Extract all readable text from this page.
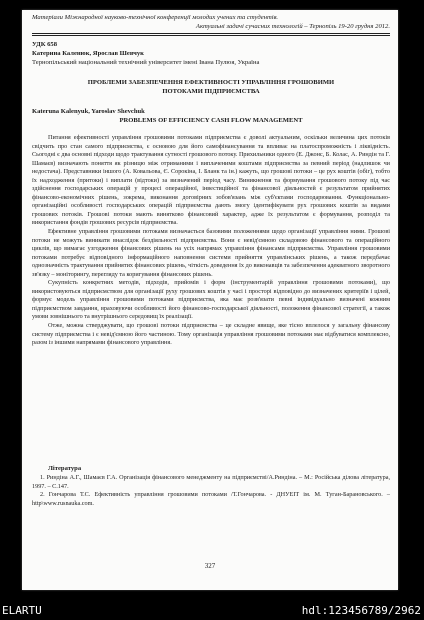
Матеріали Міжнародної науково-технічної конференції молодих учених та студентів.
Актуальні задачі сучасних технологій – Тернопіль 19-20 грудня 2012.
УДК 658
Катерина Каленюк, Ярослав Шевчук
Тернопільський національний технічний університет імені Івана Пулюя, Україна
ПРОБЛЕМИ ЗАБЕЗПЕЧЕННЯ ЕФЕКТИВНОСТІ УПРАВЛІННЯ ГРОШОВИМИ
ПОТОКАМИ ПІДПРИЄМСТВА
Kateruna Kalenyuk, Yaroslav Shevchuk
PROBLEMS OF EFFICIENCY CASH FLOW MANAGEMENT

Питання ефективності управління грошовими потоками підприємства є доволі актуальним, оскільки величина цих потоків свідчить про стан самого підприємства, є основою для його самофінансування та впливає на платоспроможність і ліквідність. Сьогодні є два основні підходи щодо трактування сутності грошового потоку. Прихильники одного (Е. Джонс, Б. Колас, А. Риндін та Г. Шамаєв) визначають поняття як різницю між отриманими і виплаченими коштами підприємства за певний період (надлишок чи недостача). Представники іншого (А. Ковальова, Є. Сорокіна, І. Бланк та ін.) кажуть, що грошові потоки – це рух коштів (обіг), тобто їх надходження (притоки) і виплати (відтоки) за визначений період часу. Виникнення та формування грошового потоку під час здійснення господарських операцій у процесі операційної, інвестиційної та фінансової діяльностей є результатом прийнятих фінансово-економічних рішень, зокрема, виконання договірних зобов'язань між суб'єктами господарювання. Функціонально-організаційні особливості господарських операцій підприємства дають змогу ідентифікувати рух грошових коштів за видами грошових потоків. Грошові потоки мають винятково фінансовий характер, адже їх результатом є формування, розподіл та використання фондів грошових ресурсів підприємства.

Ефективне управління грошовими потоками визначається базовими положеннями щодо організації управління ними. Грошові потоки не можуть виникати внаслідок бездіяльності підприємства. Вони є невід'ємною складовою фінансового та операційного циклів, що вимагає узгодження фінансових рішень на усіх напрямах управління фінансами підприємства. Управління грошовими потоками потребує відповідного інформаційного наповнення системи прийняття управлінських рішень, а також передбачає однозначність трактування прийнятих фінансових рішень, чіткість доведення їх до виконавців та забезпечення адекватного зворотного зв'язку – моніторингу, перегляду та коригування фінансових рішень.

Сукупність конкретних методів, підходів, прийомів і форм (інструментарій управління грошовими потоками), що використовуються підприємством для організації руху грошових коштів у часі і просторі відповідно до визначених критеріїв і цілей, формує модель управління грошовими потоками підприємства, яка має розв'язати певні індивідуально визначені кожним підприємством завдання, враховуючи особливості його фінансово-господарської діяльності, положення фінансової стратегії, а також умови зовнішнього та внутрішнього середовищ їх реалізації.

Отже, можна стверджувати, що грошові потоки підприємства – це складне явище, яке тісно вплелося у загальну фінансову систему підприємства і є невід'ємною його частиною. Тому організація управління грошовими потоками має відбуватися комплексно, разом із іншими напрямами фінансового управління.

Література

1. Риндіна А.Г., Шамаєв Г.А. Організація фінансового менеджменту на підприємстві/А.Риндіна. – М.: Російська ділова література, 1997. – С.147.

2. Гончарова Т.С. Ефективність управління грошовими потоками /Т.Гончарова. - ДНУЕІТ ім. М. Туган-Барановського. – http\www.rusnauka.com.

327
ELARTU	hdl:123456789/2962
